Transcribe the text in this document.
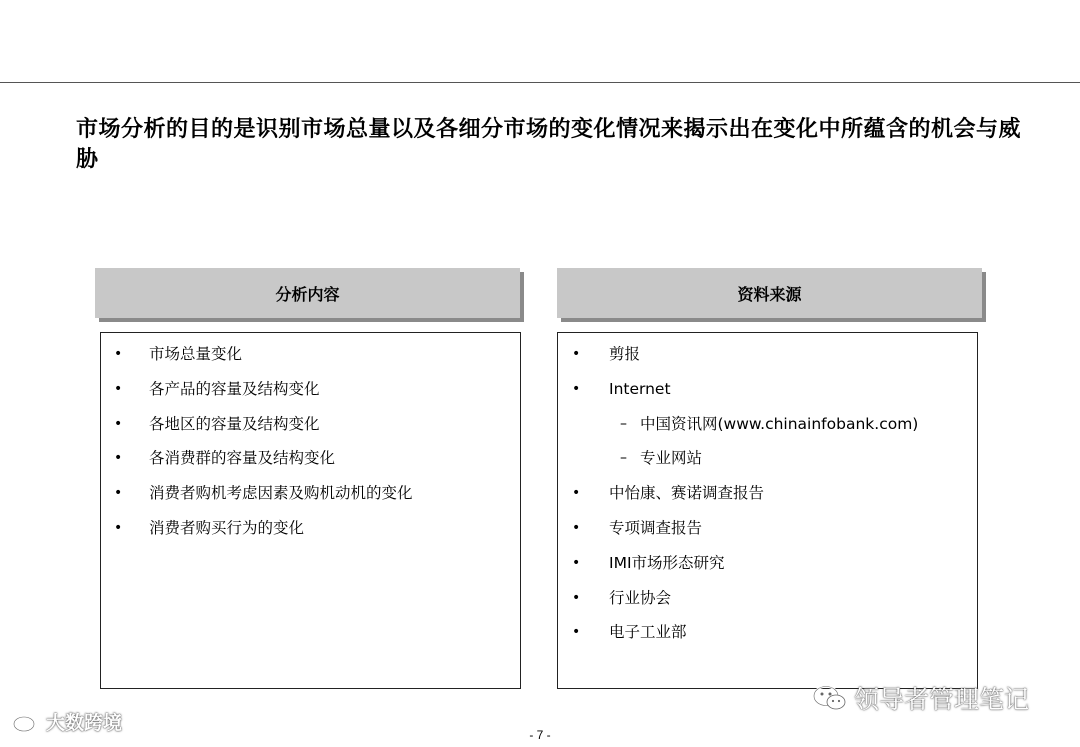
市场分析的目的是识别市场总量以及各细分市场的变化情况来揭示出在变化中所蕴含的机会与威胁
分析内容
• 市场总量变化
• 各产品的容量及结构变化
• 各地区的容量及结构变化
• 各消费群的容量及结构变化
• 消费者购机考虑因素及购机动机的变化
• 消费者购买行为的变化
资料来源
• 剪报
• Internet
– 中国资讯网(www.chinainfobank.com)
– 专业网站
• 中怡康、赛诺调查报告
• 专项调查报告
• IMI市场形态研究
• 行业协会
• 电子工业部
大数跨境
领导者管理笔记
- 7 -
